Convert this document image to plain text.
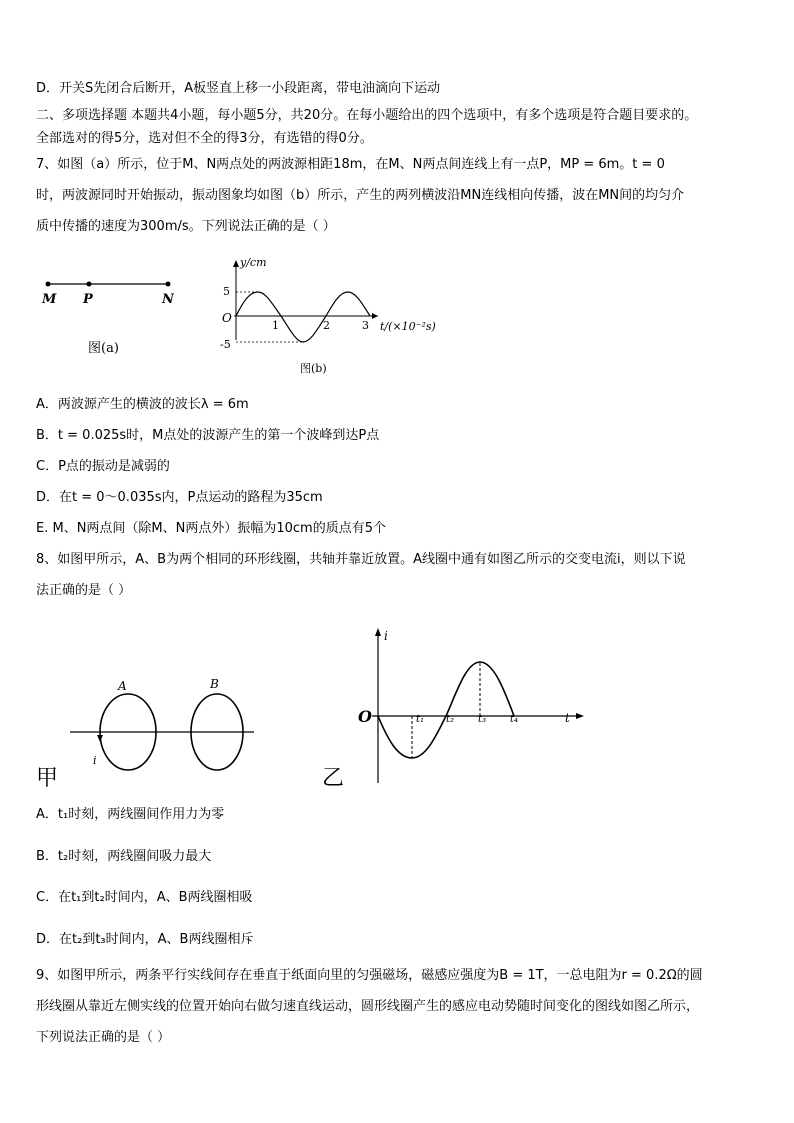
D．开关S先闭合后断开，A板竖直上移一小段距离，带电油滴向下运动
二、多项选择题 本题共4小题，每小题5分，共20分。在每小题给出的四个选项中，有多个选项是符合题目要求的。
全部选对的得5分，选对但不全的得3分，有选错的得0分。
7、如图（a）所示，位于M、N两点处的两波源相距18m，在M、N两点间连线上有一点P，MP = 6m。t = 0
时，两波源同时开始振动，振动图象均如图（b）所示，产生的两列横波沿MN连线相向传播，波在MN间的均匀介
质中传播的速度为300m/s。下列说法正确的是（ ）
M P	N
图(a)
y/cm
t/(×10⁻²s)
O
5
-5
1	2	3
图(b)
A．两波源产生的横波的波长λ = 6m
B．t = 0.025s时，M点处的波源产生的第一个波峰到达P点
C．P点的振动是减弱的
D．在t = 0～0.035s内，P点运动的路程为35cm
E. M、N两点间（除M、N两点外）振幅为10cm的质点有5个
8、如图甲所示，A、B为两个相同的环形线圈，共轴并靠近放置。A线圈中通有如图乙所示的交变电流i，则以下说
法正确的是（ ）
A	B
i
甲
i
t
O	t₁ t₂ t₃ t₄
乙
A．t₁时刻，两线圈间作用力为零
B．t₂时刻，两线圈间吸力最大
C．在t₁到t₂时间内，A、B两线圈相吸
D．在t₂到t₃时间内，A、B两线圈相斥
9、如图甲所示，两条平行实线间存在垂直于纸面向里的匀强磁场，磁感应强度为B = 1T，一总电阻为r = 0.2Ω的圆
形线圈从靠近左侧实线的位置开始向右做匀速直线运动，圆形线圈产生的感应电动势随时间变化的图线如图乙所示，
下列说法正确的是（ ）
